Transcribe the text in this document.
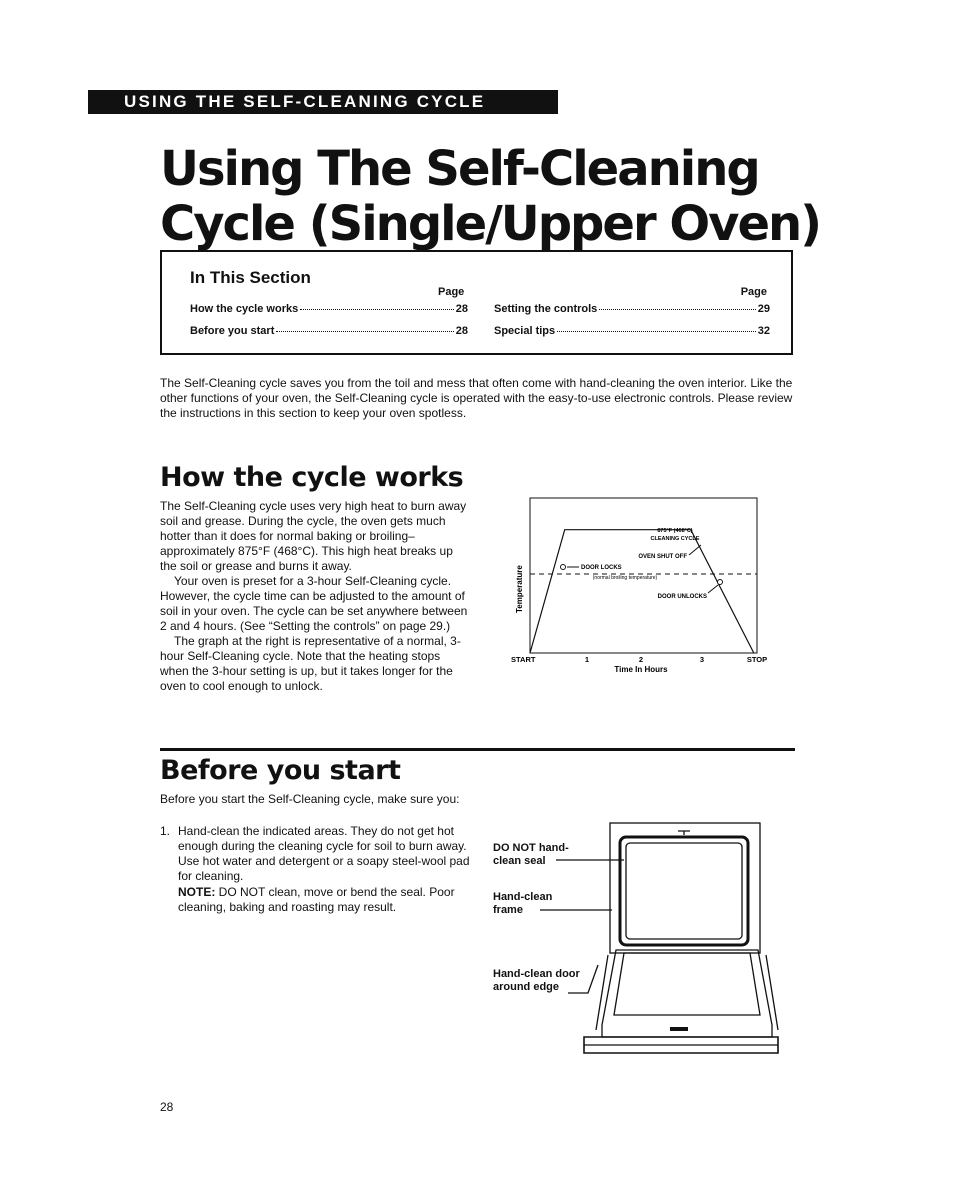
USING THE SELF-CLEANING CYCLE
Using The Self-Cleaning
Cycle (Single/Upper Oven)
In This Section
Page	Page
How the cycle works	28
Before you start	28
Setting the controls	29
Special tips	32
The Self-Cleaning cycle saves you from the toil and mess that often come with hand-cleaning the oven interior. Like the other functions of your oven, the Self-Cleaning cycle is operated with the easy-to-use electronic controls. Please review the instructions in this section to keep your oven spotless.
How the cycle works

The Self-Cleaning cycle uses very high heat to burn away soil and grease. During the cycle, the oven gets much hotter than it does for normal baking or broiling–approximately 875°F (468°C). This high heat breaks up the soil or grease and burns it away.

Your oven is preset for a 3-hour Self-Cleaning cycle. However, the cycle time can be adjusted to the amount of soil in your oven. The cycle can be set anywhere between 2 and 4 hours. (See “Setting the controls” on page 29.)

The graph at the right is representative of a normal, 3-hour Self-Cleaning cycle. Note that the heating stops when the 3-hour setting is up, but it takes longer for the oven to cool enough to unlock.

875°F (468°C)
CLEANING CYCLE
OVEN SHUT OFF
DOOR LOCKS
(normal broiling temperature)
DOOR UNLOCKS
Temperature
START	1	2	3	STOP
Time In Hours
Before you start
Before you start the Self-Cleaning cycle, make sure you:
1. Hand-clean the indicated areas. They do not get hot enough during the cleaning cycle for soil to burn away. Use hot water and detergent or a soapy steel-wool pad for cleaning.

NOTE: DO NOT clean, move or bend the seal. Poor cleaning, baking and roasting may result.

DO NOT hand-
clean seal
Hand-clean
frame
Hand-clean door
around edge
28
